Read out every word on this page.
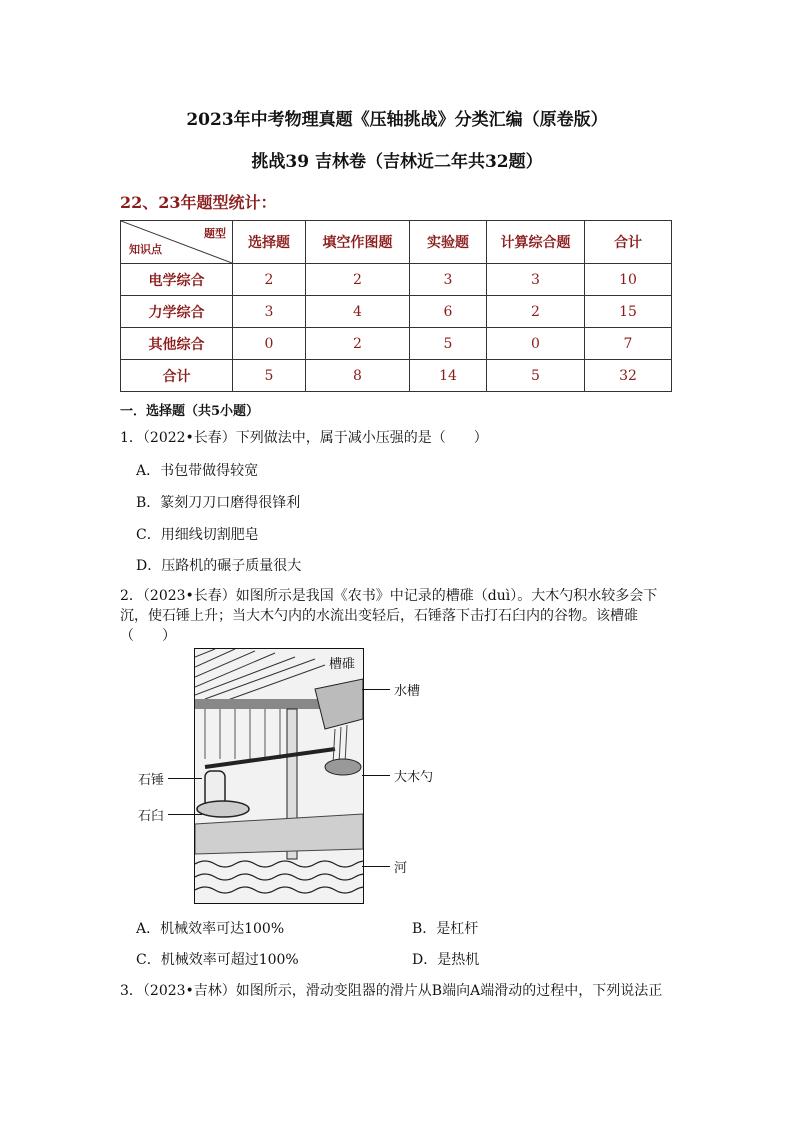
2023年中考物理真题《压轴挑战》分类汇编（原卷版）
挑战39 吉林卷（吉林近二年共32题）
22、23年题型统计：
题型
知识点	选择题	填空作图题	实验题	计算综合题	合计
电学综合	2	2	3	3	10
力学综合	3	4	6	2	15
其他综合	0	2	5	0	7
合计	5	8	14	5	32
一．选择题（共5小题）
1．（2022•长春）下列做法中，属于减小压强的是（　　）
A．书包带做得较宽
B．篆刻刀刀口磨得很锋利
C．用细线切割肥皂
D．压路机的碾子质量很大
2．（2023•长春）如图所示是我国《农书》中记录的槽碓（duì）。大木勺积水较多会下沉，使石锤上升；当大木勺内的水流出变轻后，石锤落下击打石臼内的谷物。该槽碓（　　）
槽碓
水槽
大木勺
河
石锤
石臼
A．机械效率可达100%	B．是杠杆
C．机械效率可超过100%	D．是热机
3．（2023•吉林）如图所示，滑动变阻器的滑片从B端向A端滑动的过程中，下列说法正
